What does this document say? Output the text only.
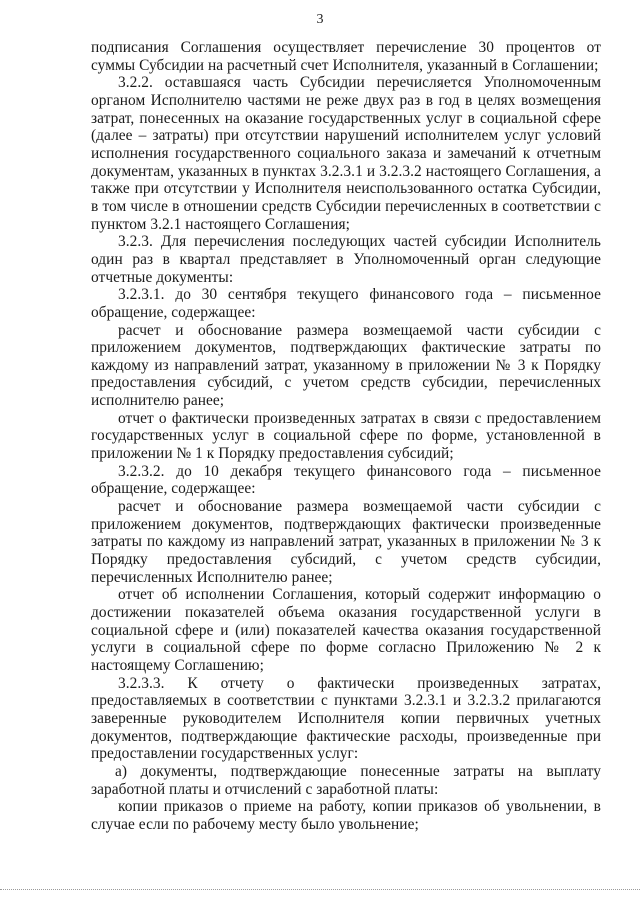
3

подписания Соглашения осуществляет перечисление 30 процентов от суммы Субсидии на расчетный счет Исполнителя, указанный в Соглашении;

3.2.2. оставшаяся часть Субсидии перечисляется Уполномоченным органом Исполнителю частями не реже двух раз в год в целях возмещения затрат, понесенных на оказание государственных услуг в социальной сфере (далее – затраты) при отсутствии нарушений исполнителем услуг условий исполнения государственного социального заказа и замечаний к отчетным документам, указанных в пунктах 3.2.3.1 и 3.2.3.2 настоящего Соглашения, а также при отсутствии у Исполнителя неиспользованного остатка Субсидии, в том числе в отношении средств Субсидии перечисленных в соответствии с пунктом 3.2.1 настоящего Соглашения;

3.2.3. Для перечисления последующих частей субсидии Исполнитель один раз в квартал представляет в Уполномоченный орган следующие отчетные документы:

3.2.3.1. до 30 сентября текущего финансового года – письменное обращение, содержащее:

расчет и обоснование размера возмещаемой части субсидии с приложением документов, подтверждающих фактические затраты по каждому из направлений затрат, указанному в приложении № 3 к Порядку предоставления субсидий, с учетом средств субсидии, перечисленных исполнителю ранее;

отчет о фактически произведенных затратах в связи с предоставлением государственных услуг в социальной сфере по форме, установленной в приложении № 1 к Порядку предоставления субсидий;

3.2.3.2. до 10 декабря текущего финансового года – письменное обращение, содержащее:

расчет и обоснование размера возмещаемой части субсидии с приложением документов, подтверждающих фактически произведенные затраты по каждому из направлений затрат, указанных в приложении № 3 к Порядку предоставления субсидий, с учетом средств субсидии, перечисленных Исполнителю ранее;

отчет об исполнении Соглашения, который содержит информацию о достижении показателей объема оказания государственной услуги в социальной сфере и (или) показателей качества оказания государственной услуги в социальной сфере по форме согласно Приложению № 2 к настоящему Соглашению;

3.2.3.3. К отчету о фактически произведенных затратах, предоставляемых в соответствии с пунктами 3.2.3.1 и 3.2.3.2 прилагаются заверенные руководителем Исполнителя копии первичных учетных документов, подтверждающие фактические расходы, произведенные при предоставлении государственных услуг:

а) документы, подтверждающие понесенные затраты на выплату заработной платы и отчислений с заработной платы:

копии приказов о приеме на работу, копии приказов об увольнении, в случае если по рабочему месту было увольнение;
